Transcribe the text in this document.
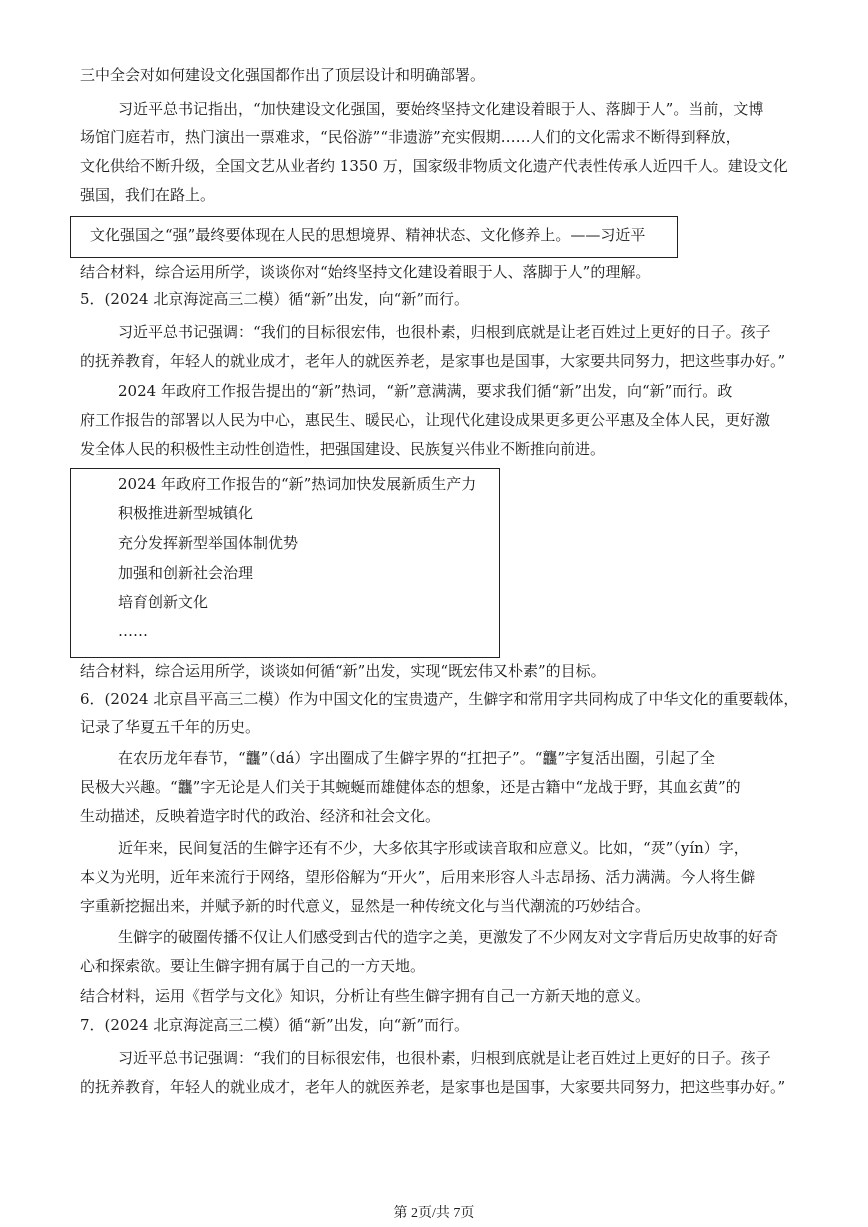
三中全会对如何建设文化强国都作出了顶层设计和明确部署。
习近平总书记指出，“加快建设文化强国，要始终坚持文化建设着眼于人、落脚于人”。当前，文博
场馆门庭若市，热门演出一票难求，“民俗游”“非遗游”充实假期……人们的文化需求不断得到释放，
文化供给不断升级，全国文艺从业者约 1350 万，国家级非物质文化遗产代表性传承人近四千人。建设文化
强国，我们在路上。
文化强国之“强”最终要体现在人民的思想境界、精神状态、文化修养上。——习近平
结合材料，综合运用所学，谈谈你对“始终坚持文化建设着眼于人、落脚于人”的理解。
5．(2024 北京海淀高三二模）循“新”出发，向“新”而行。
习近平总书记强调：“我们的目标很宏伟，也很朴素，归根到底就是让老百姓过上更好的日子。孩子
的抚养教育，年轻人的就业成才，老年人的就医养老，是家事也是国事，大家要共同努力，把这些事办好。”
2024 年政府工作报告提出的“新”热词，“新”意满满，要求我们循“新”出发，向“新”而行。政
府工作报告的部署以人民为中心，惠民生、暖民心，让现代化建设成果更多更公平惠及全体人民，更好激
发全体人民的积极性主动性创造性，把强国建设、民族复兴伟业不断推向前进。
2024 年政府工作报告的“新”热词加快发展新质生产力
积极推进新型城镇化
充分发挥新型举国体制优势
加强和创新社会治理
培育创新文化
……
结合材料，综合运用所学，谈谈如何循“新”出发，实现“既宏伟又朴素”的目标。
6．(2024 北京昌平高三二模）作为中国文化的宝贵遗产，生僻字和常用字共同构成了中华文化的重要载体，
记录了华夏五千年的历史。
在农历龙年春节，“龘”（dá）字出圈成了生僻字界的“扛把子”。“龘”字复活出圈，引起了全
民极大兴趣。“龘”字无论是人们关于其蜿蜒而雄健体态的想象，还是古籍中“龙战于野，其血玄黄”的
生动描述，反映着造字时代的政治、经济和社会文化。
近年来，民间复活的生僻字还有不少，大多依其字形或读音取和应意义。比如，“烎”（yín）字，
本义为光明，近年来流行于网络，望形俗解为“开火”，后用来形容人斗志昂扬、活力满满。今人将生僻
字重新挖掘出来，并赋予新的时代意义，显然是一种传统文化与当代潮流的巧妙结合。
生僻字的破圈传播不仅让人们感受到古代的造字之美，更激发了不少网友对文字背后历史故事的好奇
心和探索欲。要让生僻字拥有属于自己的一方天地。
结合材料，运用《哲学与文化》知识，分析让有些生僻字拥有自己一方新天地的意义。
7．(2024 北京海淀高三二模）循“新”出发，向“新”而行。
习近平总书记强调：“我们的目标很宏伟，也很朴素，归根到底就是让老百姓过上更好的日子。孩子
的抚养教育，年轻人的就业成才，老年人的就医养老，是家事也是国事，大家要共同努力，把这些事办好。”
第 2页/共 7页
